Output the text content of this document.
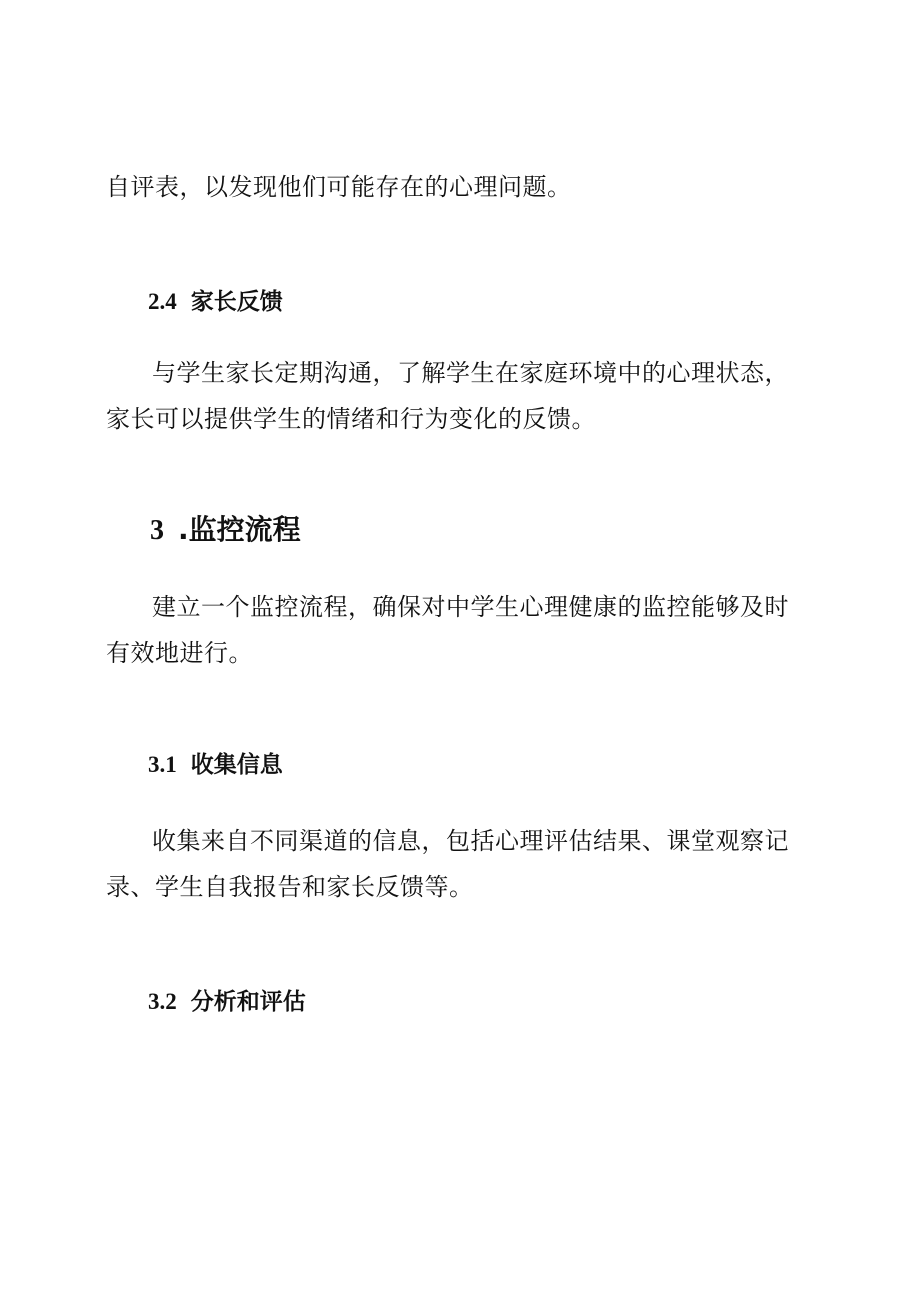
自评表，以发现他们可能存在的心理问题。

2.4 家长反馈

与学生家长定期沟通，了解学生在家庭环境中的心理状态，家长可以提供学生的情绪和行为变化的反馈。

3 .监控流程

建立一个监控流程，确保对中学生心理健康的监控能够及时有效地进行。

3.1 收集信息

收集来自不同渠道的信息，包括心理评估结果、课堂观察记录、学生自我报告和家长反馈等。

3.2 分析和评估
